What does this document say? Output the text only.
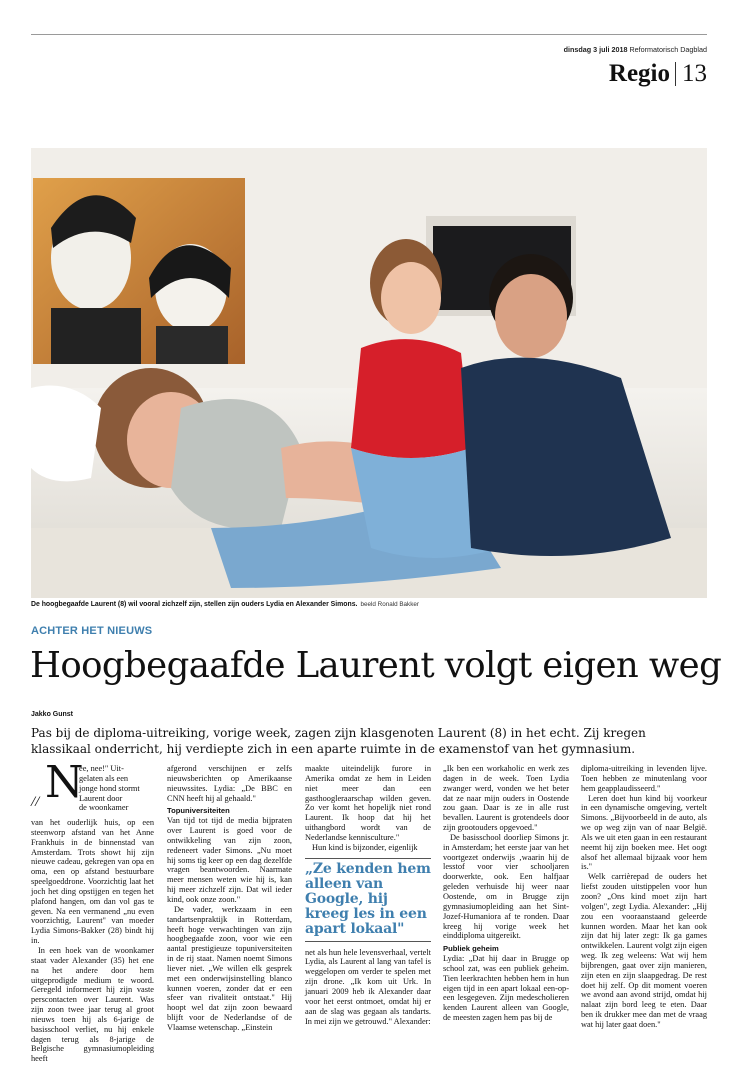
dinsdag 3 juli 2018 Reformatorisch Dagblad
Regio 13
De hoogbegaafde Laurent (8) wil vooral zichzelf zijn, stellen zijn ouders Lydia en Alexander Simons. beeld Ronald Bakker
ACHTER HET NIEUWS
Hoogbegaafde Laurent volgt eigen weg
Jakko Gunst
Pas bij de diploma-uitreiking, vorige week, zagen zijn klasgenoten Laurent (8) in het echt. Zij kregen klassikaal onderricht, hij verdiepte zich in een aparte ruimte in de examenstof van het gymnasium.
// N
ee, nee!" Uit-
gelaten als een
jonge hond stormt
Laurent door
de woonkamer

van het ouderlijk huis, op een steenworp afstand van het Anne Frankhuis in de binnenstad van Amsterdam. Trots showt hij zijn nieuwe cadeau, gekregen van opa en oma, een op afstand bestuurbare speelgoeddrone. Voorzichtig laat het joch het ding opstijgen en tegen het plafond hangen, om dan vol gas te geven. Na een vermanend „nu even voorzichtig, Laurent" van moeder Lydia Simons-Bakker (28) bindt hij in.

In een hoek van de woonkamer staat vader Alexander (35) het ene na het andere door hem uitgeprodigde medium te woord. Geregeld informeert hij zijn vaste perscontacten over Laurent. Was zijn zoon twee jaar terug al groot nieuws toen hij als 6-jarige de basisschool verliet, nu hij enkele dagen terug als 8-jarige de Belgische gymnasiumopleiding heeft

afgerond verschijnen er zelfs nieuwsberichten op Amerikaanse nieuwssites. Lydia: „De BBC en CNN heeft hij al gehaald."

Topuniversiteiten

Van tijd tot tijd de media bijpraten over Laurent is goed voor de ontwikkeling van zijn zoon, redeneert vader Simons. „Nu moet hij soms tig keer op een dag dezelfde vragen beantwoorden. Naarmate meer mensen weten wie hij is, kan hij meer zichzelf zijn. Dat wil ieder kind, ook onze zoon."

De vader, werkzaam in een tandartsenpraktijk in Rotterdam, heeft hoge verwachtingen van zijn hoogbegaafde zoon, voor wie een aantal prestigieuze topuniversiteiten in de rij staat. Namen noemt Simons liever niet. „We willen elk gesprek met een onderwijsinstelling blanco kunnen voeren, zonder dat er een sfeer van rivaliteit ontstaat." Hij hoopt wel dat zijn zoon bewaard blijft voor de Nederlandse of de Vlaamse wetenschap. „Einstein

maakte uiteindelijk furore in Amerika omdat ze hem in Leiden niet meer dan een gasthoogleraarschap wilden geven. Zo ver komt het hopelijk niet rond Laurent. Ik hoop dat hij het uithangbord wordt van de Nederlandse kennisculture."

Hun kind is bijzonder, eigenlijk

„Ze kenden hem alleen van Google, hij kreeg les in een apart lokaal"

net als hun hele levensverhaal, vertelt Lydia, als Laurent al lang van tafel is weggelopen om verder te spelen met zijn drone. „Ik kom uit Urk. In januari 2009 heb ik Alexander daar voor het eerst ontmoet, omdat hij er aan de slag was gegaan als tandarts. In mei zijn we getrouwd." Alexander:

„Ik ben een workaholic en werk zes dagen in de week. Toen Lydia zwanger werd, vonden we het beter dat ze naar mijn ouders in Oostende zou gaan. Daar is ze in alle rust bevallen. Laurent is grotendeels door zijn grootouders opgevoed."

De basisschool doorliep Simons jr. in Amsterdam; het eerste jaar van het voortgezet onderwijs ‚waarin hij de lesstof voor vier schooljaren doorwerkte, ook. Een halfjaar geleden verhuisde hij weer naar Oostende, om in Brugge zijn gymnasiumopleiding aan het Sint-Jozef-Humaniora af te ronden. Daar kreeg hij vorige week het einddiploma uitgereikt.

Publiek geheim

Lydia: „Dat hij daar in Brugge op school zat, was een publiek geheim. Tien leerkrachten hebben hem in hun eigen tijd in een apart lokaal een-op-een lesgegeven. Zijn medescholieren kenden Laurent alleen van Google, de meesten zagen hem pas bij de

diploma-uitreiking in levenden lijve. Toen hebben ze minutenlang voor hem geapplaudisseerd."

Leren doet hun kind bij voorkeur in een dynamische omgeving, vertelt Simons. „Bijvoorbeeld in de auto, als we op weg zijn van of naar België. Als we uit eten gaan in een restaurant neemt hij zijn boeken mee. Het oogt alsof het allemaal bijzaak voor hem is."

Welk carrièrepad de ouders het liefst zouden uitstippelen voor hun zoon? „Ons kind moet zijn hart volgen", zegt Lydia. Alexander: „Hij zou een vooraanstaand geleerde kunnen worden. Maar het kan ook zijn dat hij later zegt: Ik ga games ontwikkelen. Laurent volgt zijn eigen weg. Ik zeg weleens: Wat wij hem bijbrengen, gaat over zijn manieren, zijn eten en zijn slaapgedrag. De rest doet hij zelf. Op dit moment voeren we avond aan avond strijd, omdat hij nalaat zijn bord leeg te eten. Daar ben ik drukker mee dan met de vraag wat hij later gaat doen."
